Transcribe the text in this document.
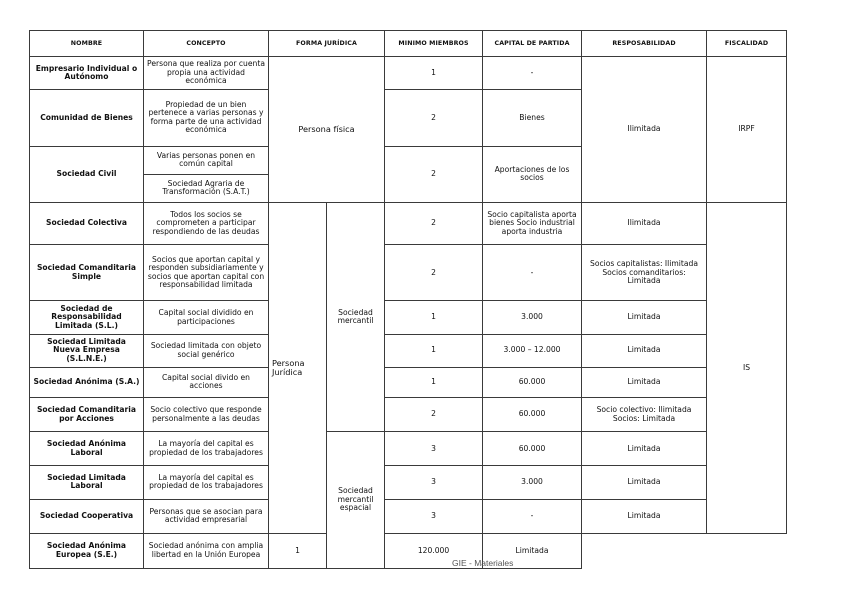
NOMBRE	CONCEPTO	FORMA JURÍDICA		MINIMO MIEMBROS	CAPITAL DE PARTIDA	RESPOSABILIDAD	FISCALIDAD
Empresario Individual o Autónomo	Persona que realiza por cuenta propia una actividad económica	Persona física		1	-	Ilimitada	IRPF
Comunidad de Bienes	Propiedad de un bien pertenece a varias personas y forma parte de una actividad económica			2	Bienes		
Sociedad Civil	Varias personas ponen en común capital			2	Aportaciones de los socios		
	Sociedad Agraria de Transformación (S.A.T.)						
Sociedad Colectiva	Todos los socios se comprometen a participar respondiendo de las deudas	Persona Jurídica	Sociedad mercantil	2	Socio capitalista aporta bienes Socio industrial aporta industria	Ilimitada	IS
Sociedad Comanditaria Simple	Socios que aportan capital y responden subsidiariamente y socios que aportan capital con responsabilidad limitada			2	-	Socios capitalistas: Ilimitada Socios comanditarios: Limitada	
Sociedad de Responsabilidad Limitada (S.L.)	Capital social dividido en participaciones			1	3.000	Limitada	
Sociedad Limitada Nueva Empresa (S.L.N.E.)	Sociedad limitada con objeto social genérico			1	3.000 – 12.000	Limitada	
Sociedad Anónima (S.A.)	Capital social divido en acciones			1	60.000	Limitada	
Sociedad Comanditaria por Acciones	Socio colectivo que responde personalmente a las deudas			2	60.000	Socio colectivo: Ilimitada Socios: Limitada	
Sociedad Anónima Laboral	La mayoría del capital es propiedad de los trabajadores		Sociedad mercantil espacial	3	60.000	Limitada	
Sociedad Limitada Laboral	La mayoría del capital es propiedad de los trabajadores			3	3.000	Limitada	
Sociedad Cooperativa	Personas que se asocian para actividad empresarial			3	-	Limitada	
Sociedad Anónima Europea (S.E.)	Sociedad anónima con amplia libertad en la Unión Europea	1		120.000	Limitada		
GIE - Materiales
